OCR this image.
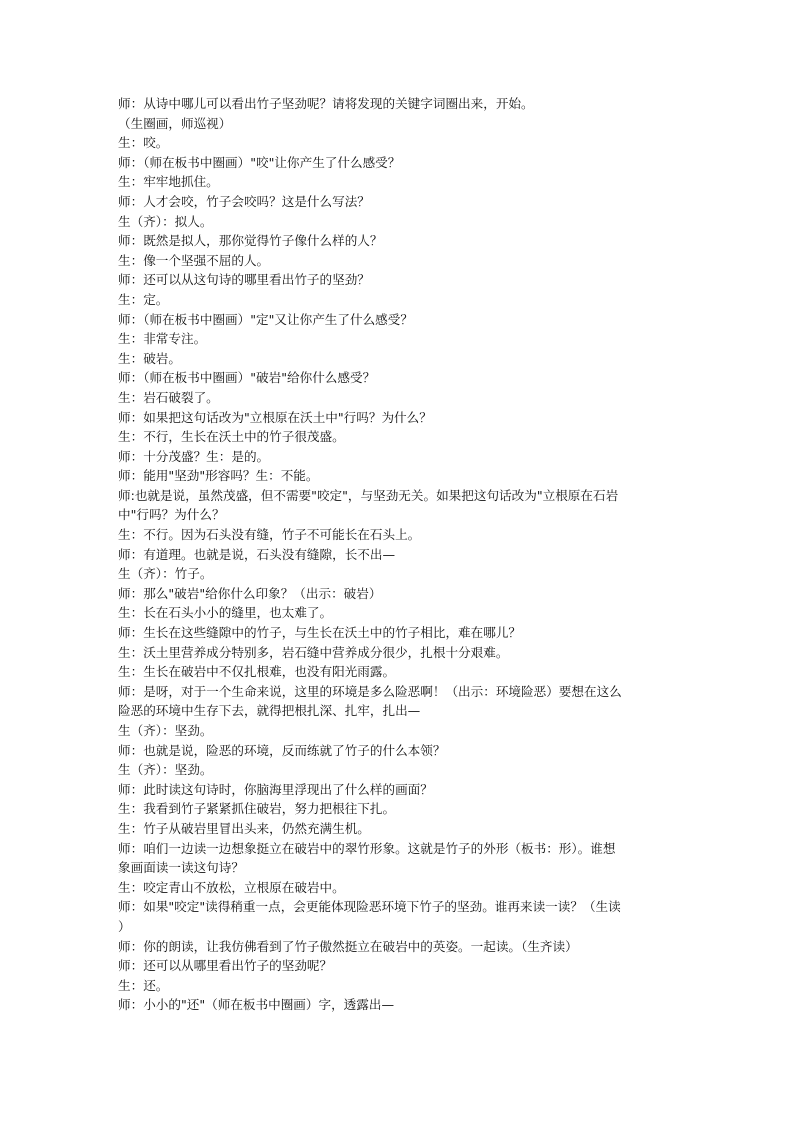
师：从诗中哪儿可以看出竹子坚劲呢？请将发现的关键字词圈出来，开始。
（生圈画，师巡视）
生：咬。
师：（师在板书中圈画）"咬"让你产生了什么感受？
生：牢牢地抓住。
师：人才会咬，竹子会咬吗？这是什么写法？
生（齐）：拟人。
师：既然是拟人，那你觉得竹子像什么样的人？
生：像一个坚强不屈的人。
师：还可以从这句诗的哪里看出竹子的坚劲？
生：定。
师：（师在板书中圈画）"定"又让你产生了什么感受？
生：非常专注。
生：破岩。
师：（师在板书中圈画）"破岩"给你什么感受？
生：岩石破裂了。
师：如果把这句话改为"立根原在沃土中"行吗？为什么？
生：不行，生长在沃土中的竹子很茂盛。
师：十分茂盛？生：是的。
师：能用"坚劲"形容吗？生：不能。
师:也就是说，虽然茂盛，但不需要"咬定"，与坚劲无关。如果把这句话改为"立根原在石岩
中"行吗？为什么？
生：不行。因为石头没有缝，竹子不可能长在石头上。
师：有道理。也就是说，石头没有缝隙，长不出—
生（齐）：竹子。
师：那么"破岩"给你什么印象？（出示：破岩）
生：长在石头小小的缝里，也太难了。
师：生长在这些缝隙中的竹子，与生长在沃土中的竹子相比，难在哪儿？
生：沃土里营养成分特别多，岩石缝中营养成分很少，扎根十分艰难。
生：生长在破岩中不仅扎根难，也没有阳光雨露。
师：是呀，对于一个生命来说，这里的环境是多么险恶啊！（出示：环境险恶）要想在这么
险恶的环境中生存下去，就得把根扎深、扎牢，扎出—
生（齐）：坚劲。
师：也就是说，险恶的环境，反而练就了竹子的什么本领？
生（齐）：坚劲。
师：此时读这句诗时，你脑海里浮现出了什么样的画面？
生：我看到竹子紧紧抓住破岩，努力把根往下扎。
生：竹子从破岩里冒出头来，仍然充满生机。
师：咱们一边读一边想象挺立在破岩中的翠竹形象。这就是竹子的外形（板书：形）。谁想
象画面读一读这句诗？
生：咬定青山不放松，立根原在破岩中。
师：如果"咬定"读得稍重一点，会更能体现险恶环境下竹子的坚劲。谁再来读一读？（生读
）
师：你的朗读，让我仿佛看到了竹子傲然挺立在破岩中的英姿。一起读。（生齐读）
师：还可以从哪里看出竹子的坚劲呢？
生：还。
师：小小的"还"（师在板书中圈画）字，透露出—
